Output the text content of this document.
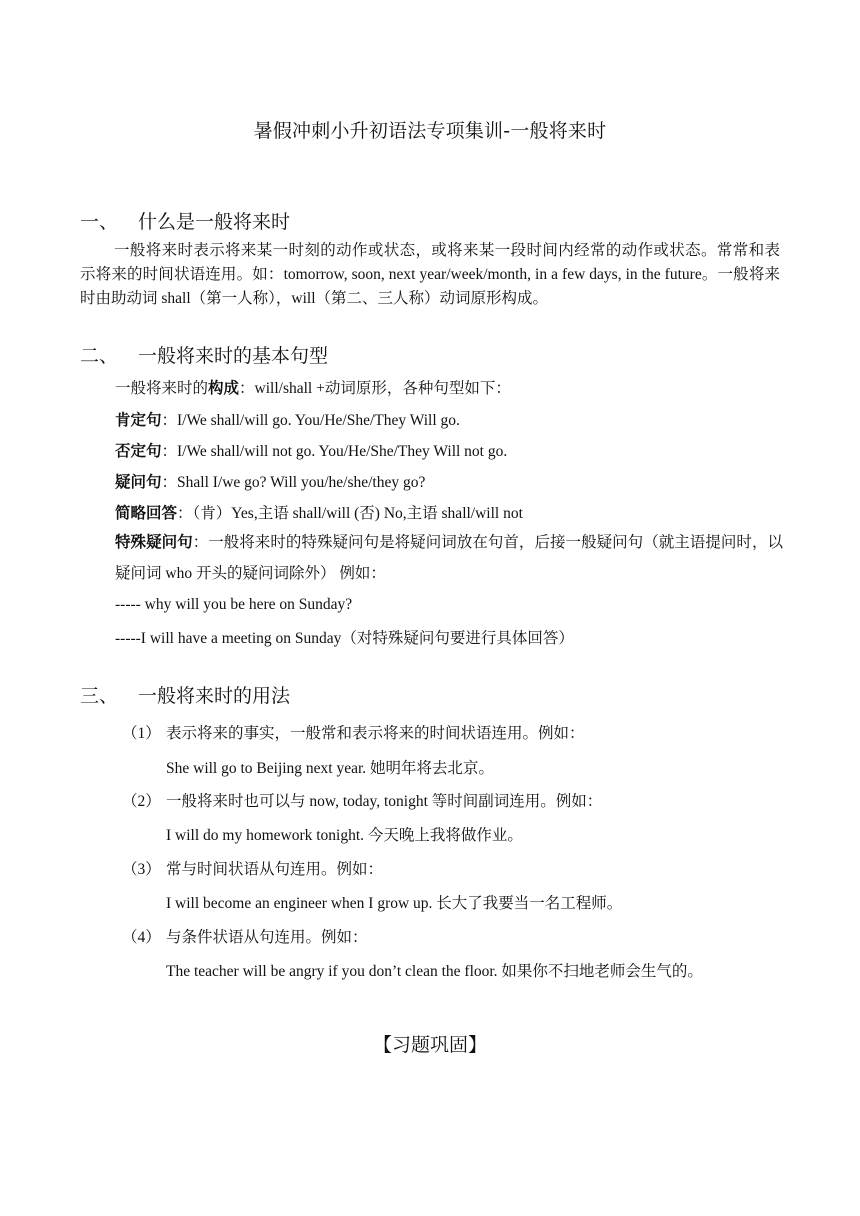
暑假冲刺小升初语法专项集训-一般将来时
一、 什么是一般将来时
一般将来时表示将来某一时刻的动作或状态，或将来某一段时间内经常的动作或状态。常常和表示将来的时间状语连用。如：tomorrow, soon, next year/week/month, in a few days, in the future。一般将来时由助动词 shall（第一人称），will（第二、三人称）动词原形构成。
二、 一般将来时的基本句型
一般将来时的构成：will/shall +动词原形，各种句型如下：
肯定句：I/We shall/will go. You/He/She/They Will go.
否定句：I/We shall/will not go. You/He/She/They Will not go.
疑问句：Shall I/we go? Will you/he/she/they go?
简略回答：（肯）Yes,主语 shall/will (否) No,主语 shall/will not
特殊疑问句：一般将来时的特殊疑问句是将疑问词放在句首，后接一般疑问句（就主语提问时，以疑问词 who 开头的疑问词除外） 例如：
----- why will you be here on Sunday?
-----I will have a meeting on Sunday（对特殊疑问句要进行具体回答）
三、 一般将来时的用法
（1） 表示将来的事实，一般常和表示将来的时间状语连用。例如：
She will go to Beijing next year. 她明年将去北京。
（2） 一般将来时也可以与 now, today, tonight 等时间副词连用。例如：
I will do my homework tonight. 今天晚上我将做作业。
（3） 常与时间状语从句连用。例如：
I will become an engineer when I grow up. 长大了我要当一名工程师。
（4） 与条件状语从句连用。例如：
The teacher will be angry if you don’t clean the floor. 如果你不扫地老师会生气的。
【习题巩固】
